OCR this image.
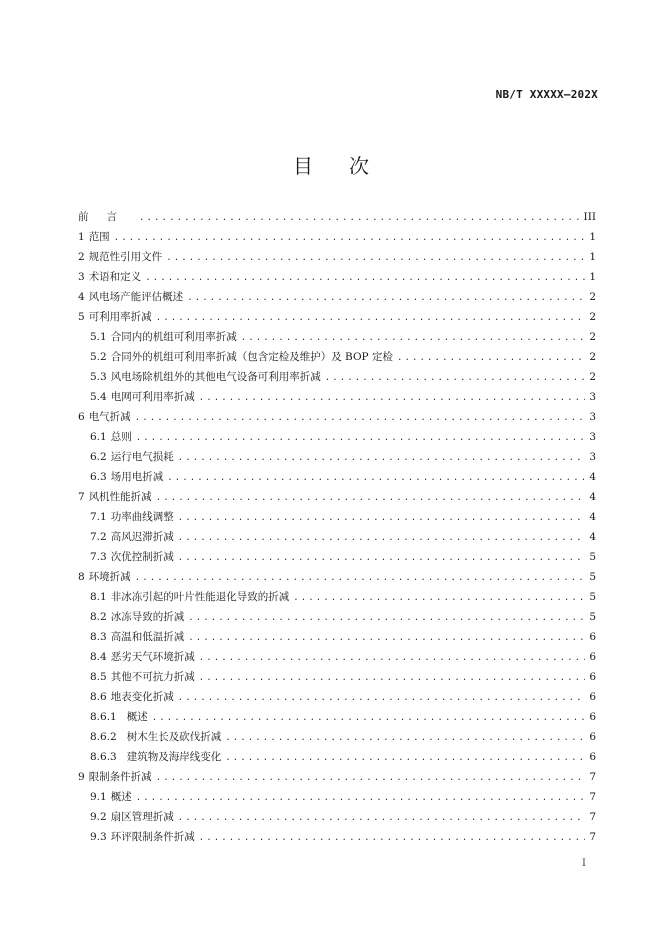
NB/T XXXXX—202X
目次
前言 .....	III
1 范围 .....	1
2 规范性引用文件 .....	1
3 术语和定义 .....	1
4 风电场产能评估概述 .....	2
5 可利用率折减 .....	2
5.1 合同内的机组可利用率折减 .....	2
5.2 合同外的机组可利用率折减（包含定检及维护）及 BOP 定检 .....	2
5.3 风电场除机组外的其他电气设备可利用率折减 .....	2
5.4 电网可利用率折减 .....	3
6 电气折减 .....	3
6.1 总则 .....	3
6.2 运行电气损耗 .....	3
6.3 场用电折减 .....	4
7 风机性能折减 .....	4
7.1 功率曲线调整 .....	4
7.2 高风迟滞折减 .....	4
7.3 次优控制折减 .....	5
8 环境折减 .....	5
8.1 非冰冻引起的叶片性能退化导致的折减 .....	5
8.2 冰冻导致的折减 .....	5
8.3 高温和低温折减 .....	6
8.4 恶劣天气环境折减 .....	6
8.5 其他不可抗力折减 .....	6
8.6 地表变化折减 .....	6
8.6.1 概述 .....	6
8.6.2 树木生长及砍伐折减 .....	6
8.6.3 建筑物及海岸线变化 .....	6
9 限制条件折减 .....	7
9.1 概述 .....	7
9.2 扇区管理折减 .....	7
9.3 环评限制条件折减 .....	7
I
